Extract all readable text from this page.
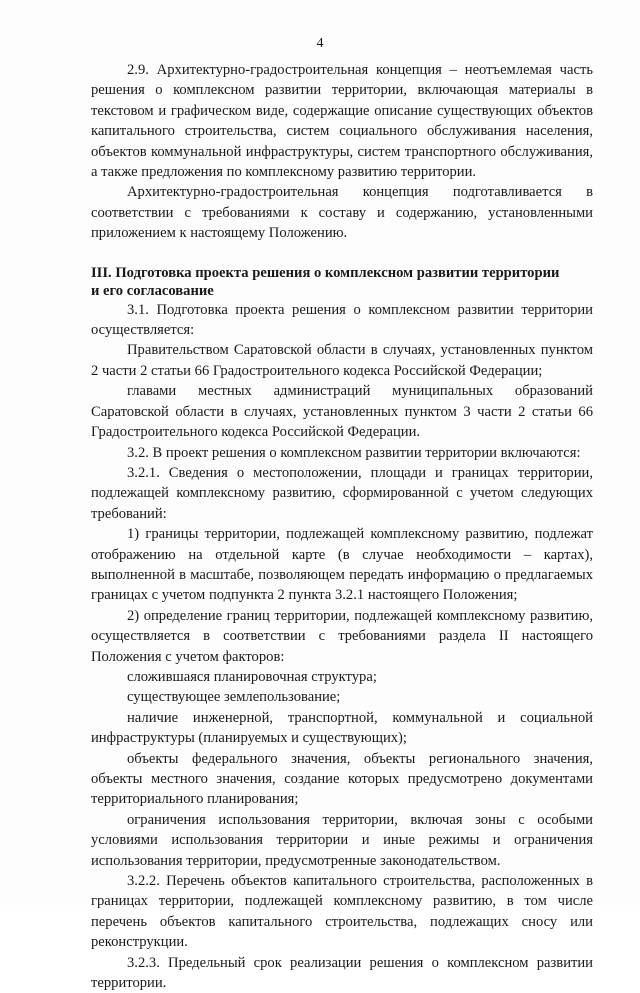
4

2.9. Архитектурно-градостроительная концепция – неотъемлемая часть решения о комплексном развитии территории, включающая материалы в текстовом и графическом виде, содержащие описание существующих объектов капитального строительства, систем социального обслуживания населения, объектов коммунальной инфраструктуры, систем транспортного обслуживания, а также предложения по комплексному развитию территории.

Архитектурно-градостроительная концепция подготавливается в соответствии с требованиями к составу и содержанию, установленными приложением к настоящему Положению.

III. Подготовка проекта решения о комплексном развитии территории

и его согласование

3.1. Подготовка проекта решения о комплексном развитии территории осуществляется:

Правительством Саратовской области в случаях, установленных пунктом 2 части 2 статьи 66 Градостроительного кодекса Российской Федерации;

главами местных администраций муниципальных образований Саратовской области в случаях, установленных пунктом 3 части 2 статьи 66 Градостроительного кодекса Российской Федерации.

3.2. В проект решения о комплексном развитии территории включаются:

3.2.1. Сведения о местоположении, площади и границах территории, подлежащей комплексному развитию, сформированной с учетом следующих требований:

1) границы территории, подлежащей комплексному развитию, подлежат отображению на отдельной карте (в случае необходимости – картах), выполненной в масштабе, позволяющем передать информацию о предлагаемых границах с учетом подпункта 2 пункта 3.2.1 настоящего Положения;

2) определение границ территории, подлежащей комплексному развитию, осуществляется в соответствии с требованиями раздела II настоящего Положения с учетом факторов:

сложившаяся планировочная структура;

существующее землепользование;

наличие инженерной, транспортной, коммунальной и социальной инфраструктуры (планируемых и существующих);

объекты федерального значения, объекты регионального значения, объекты местного значения, создание которых предусмотрено документами территориального планирования;

ограничения использования территории, включая зоны с особыми условиями использования территории и иные режимы и ограничения использования территории, предусмотренные законодательством.

3.2.2. Перечень объектов капитального строительства, расположенных в границах территории, подлежащей комплексному развитию, в том числе перечень объектов капитального строительства, подлежащих сносу или реконструкции.

3.2.3. Предельный срок реализации решения о комплексном развитии территории.
